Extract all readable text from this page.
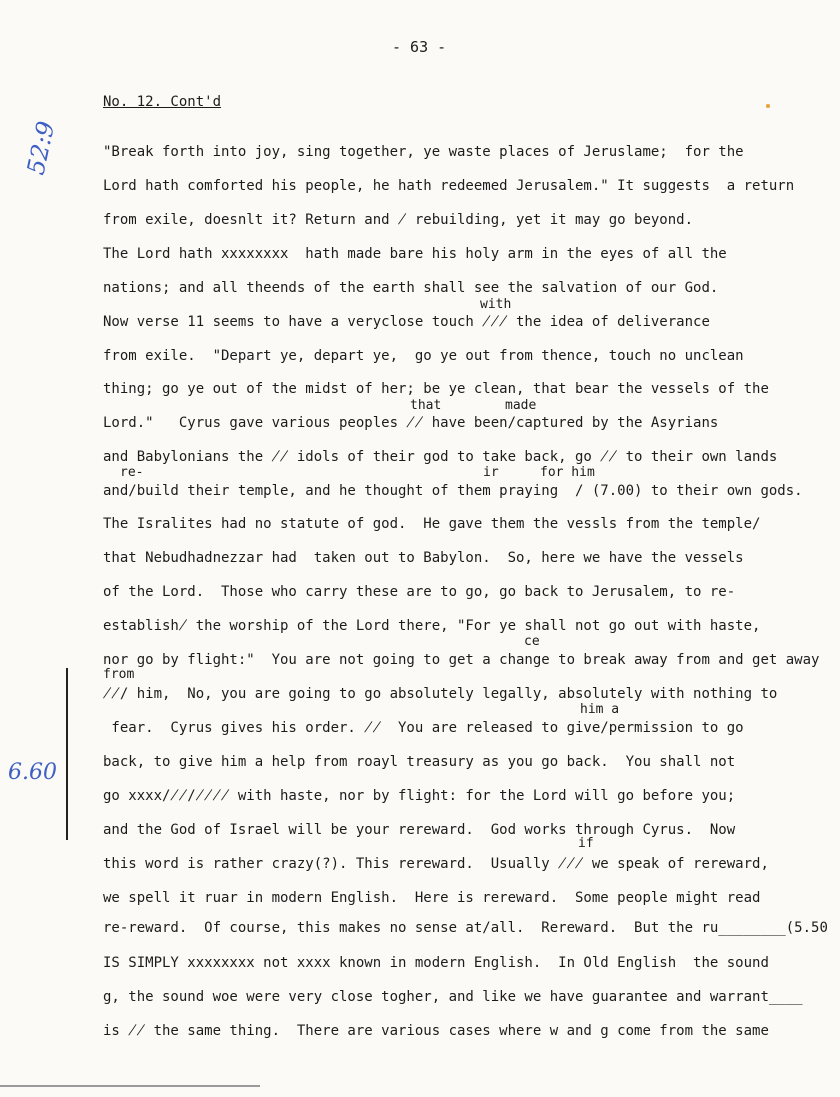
- 63 -
No. 12. Cont'd
52:9
6.60
with
that	made
re-	ir	for him
ce
from
him a
if
"Break forth into joy, sing together, ye waste places of Jeruslame;  for the
Lord hath comforted his people, he hath redeemed Jerusalem." It suggests  a return
from exile, doesnlt it? Return and ̸ rebuilding, yet it may go beyond.
The Lord hath xxxxxxxx  hath made bare his holy arm in the eyes of all the
nations; and all theends of the earth shall see the salvation of our God.
Now verse 11 seems to have a veryclose touch ̸̸̸ the idea of deliverance
from exile.  "Depart ye, depart ye,  go ye out from thence, touch no unclean
thing; go ye out of the midst of her; be ye clean, that bear the vessels of the
Lord."   Cyrus gave various peoples ̸̸ have been/captured by the Asyrians
and Babylonians the ̸̸ idols of their god to take back, go ̸̸ to their own lands
and/build their temple, and he thought of them praying  / (7.00) to their own gods.
The Isralites had no statute of god.  He gave them the vessls from the temple/
that Nebudhadnezzar had  taken out to Babylon.  So, here we have the vessels
of the Lord.  Those who carry these are to go, go back to Jerusalem, to re-
establish̸ the worship of the Lord there, "For ye shall not go out with haste,
nor go by flight:"  You are not going to get a change to break away from and get away
̸̸/ him,  No, you are going to go absolutely legally, absolutely with nothing to
fear.  Cyrus gives his order. ̸̸  You are released to give/permission to go
back, to give him a help from roayl treasury as you go back.  You shall not
go xxxx/̸̸/̸̸̸̸ with haste, nor by flight: for the Lord will go before you;
and the God of Israel will be your rereward.  God works through Cyrus.  Now
this word is rather crazy(?). This rereward.  Usually ̸̸̸ we speak of rereward,
we spell it ruar in modern English.  Here is rereward.  Some people might read
re-reward.  Of course, this makes no sense at/all.  Rereward.  But the ru________(5.50
IS SIMPLY xxxxxxxx not xxxx known in modern English.  In Old English  the sound
g, the sound woe were very close togher, and like we have guarantee and warrant____
is ̸̸ the same thing.  There are various cases where w and g come from the same
